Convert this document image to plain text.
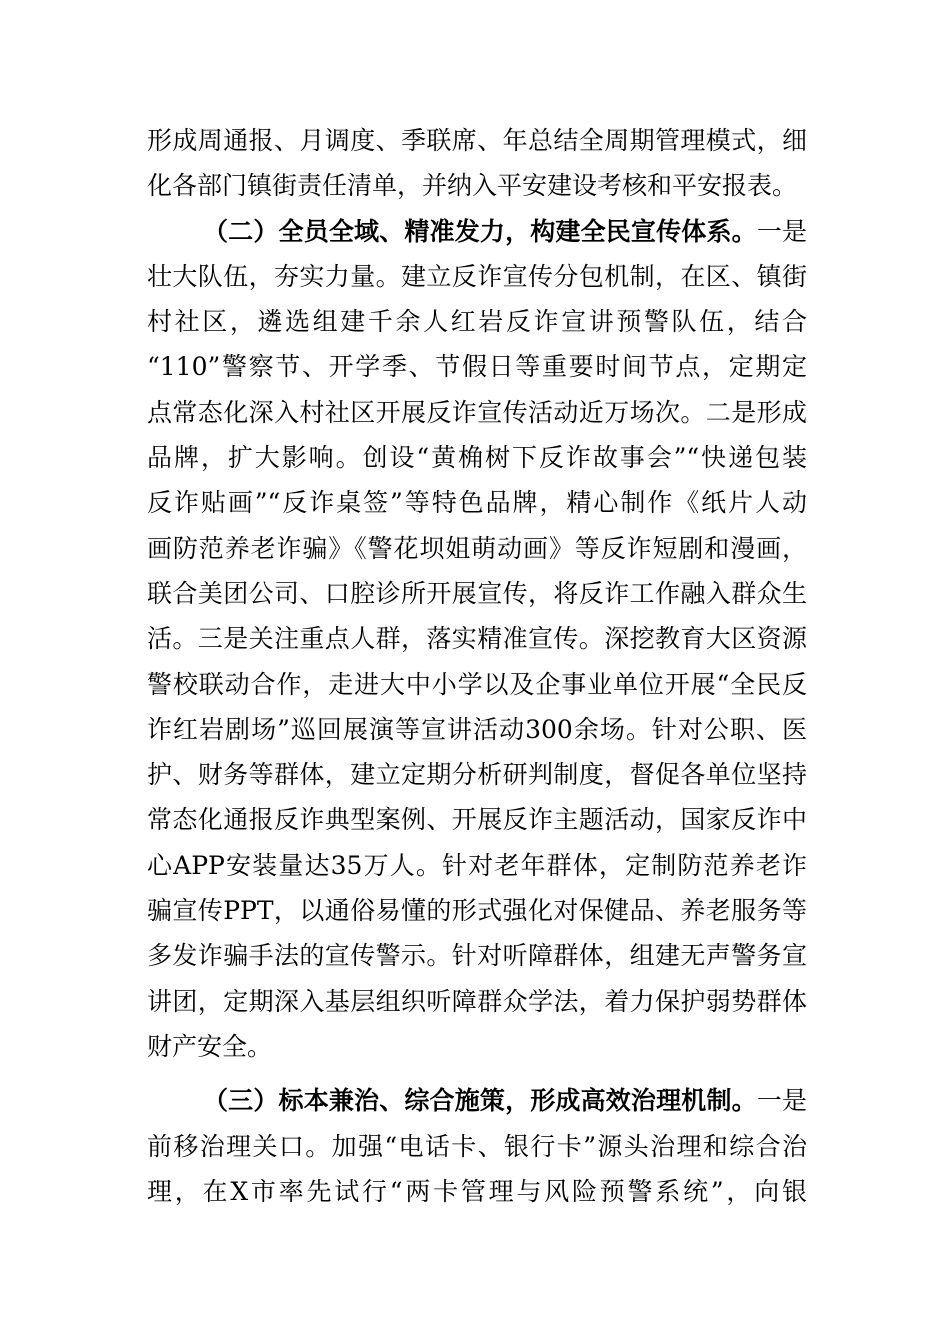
形成周通报、月调度、季联席、年总结全周期管理模式，细
化各部门镇街责任清单，并纳入平安建设考核和平安报表。
（二）全员全域、精准发力，构建全民宣传体系。一是
壮大队伍，夯实力量。建立反诈宣传分包机制，在区、镇街
村社区，遴选组建千余人红岩反诈宣讲预警队伍，结合
“110”警察节、开学季、节假日等重要时间节点，定期定
点常态化深入村社区开展反诈宣传活动近万场次。二是形成
品牌，扩大影响。创设“黄桷树下反诈故事会”“快递包装
反诈贴画”“反诈桌签”等特色品牌，精心制作《纸片人动
画防范养老诈骗》《警花坝姐萌动画》等反诈短剧和漫画，
联合美团公司、口腔诊所开展宣传，将反诈工作融入群众生
活。三是关注重点人群，落实精准宣传。深挖教育大区资源
警校联动合作，走进大中小学以及企事业单位开展“全民反
诈红岩剧场”巡回展演等宣讲活动300余场。针对公职、医
护、财务等群体，建立定期分析研判制度，督促各单位坚持
常态化通报反诈典型案例、开展反诈主题活动，国家反诈中
心APP安装量达35万人。针对老年群体，定制防范养老诈
骗宣传PPT，以通俗易懂的形式强化对保健品、养老服务等
多发诈骗手法的宣传警示。针对听障群体，组建无声警务宣
讲团，定期深入基层组织听障群众学法，着力保护弱势群体
财产安全。
（三）标本兼治、综合施策，形成高效治理机制。一是
前移治理关口。加强“电话卡、银行卡”源头治理和综合治
理，在X市率先试行“两卡管理与风险预警系统”，向银
